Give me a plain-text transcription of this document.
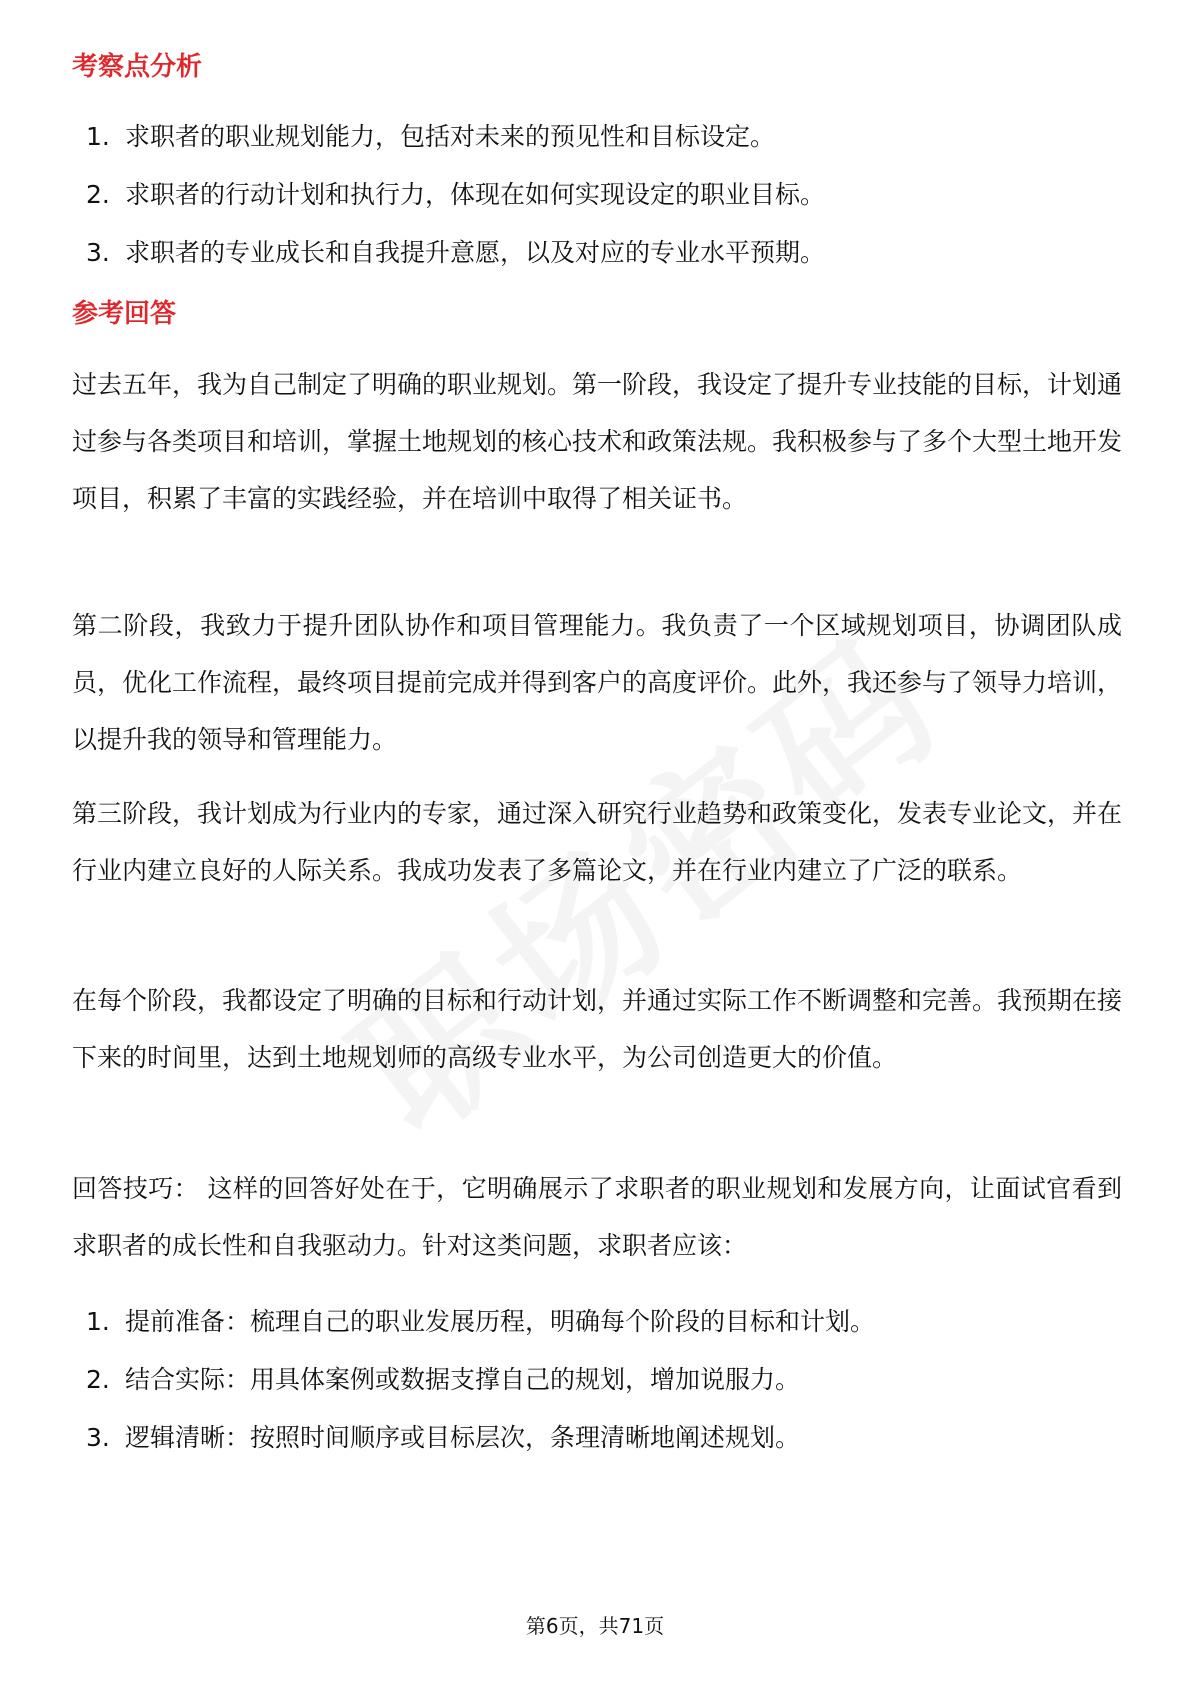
考察点分析
1. 求职者的职业规划能力，包括对未来的预见性和目标设定。
2. 求职者的行动计划和执行力，体现在如何实现设定的职业目标。
3. 求职者的专业成长和自我提升意愿，以及对应的专业水平预期。
参考回答

过去五年，我为自己制定了明确的职业规划。第一阶段，我设定了提升专业技能的目标，计划通过参与各类项目和培训，掌握土地规划的核心技术和政策法规。我积极参与了多个大型土地开发项目，积累了丰富的实践经验，并在培训中取得了相关证书。

第二阶段，我致力于提升团队协作和项目管理能力。我负责了一个区域规划项目，协调团队成员，优化工作流程，最终项目提前完成并得到客户的高度评价。此外，我还参与了领导力培训，以提升我的领导和管理能力。

第三阶段，我计划成为行业内的专家，通过深入研究行业趋势和政策变化，发表专业论文，并在行业内建立良好的人际关系。我成功发表了多篇论文，并在行业内建立了广泛的联系。

在每个阶段，我都设定了明确的目标和行动计划，并通过实际工作不断调整和完善。我预期在接下来的时间里，达到土地规划师的高级专业水平，为公司创造更大的价值。

回答技巧： 这样的回答好处在于，它明确展示了求职者的职业规划和发展方向，让面试官看到求职者的成长性和自我驱动力。针对这类问题，求职者应该：

1. 提前准备：梳理自己的职业发展历程，明确每个阶段的目标和计划。
2. 结合实际：用具体案例或数据支撑自己的规划，增加说服力。
3. 逻辑清晰：按照时间顺序或目标层次，条理清晰地阐述规划。
第6页，共71页
